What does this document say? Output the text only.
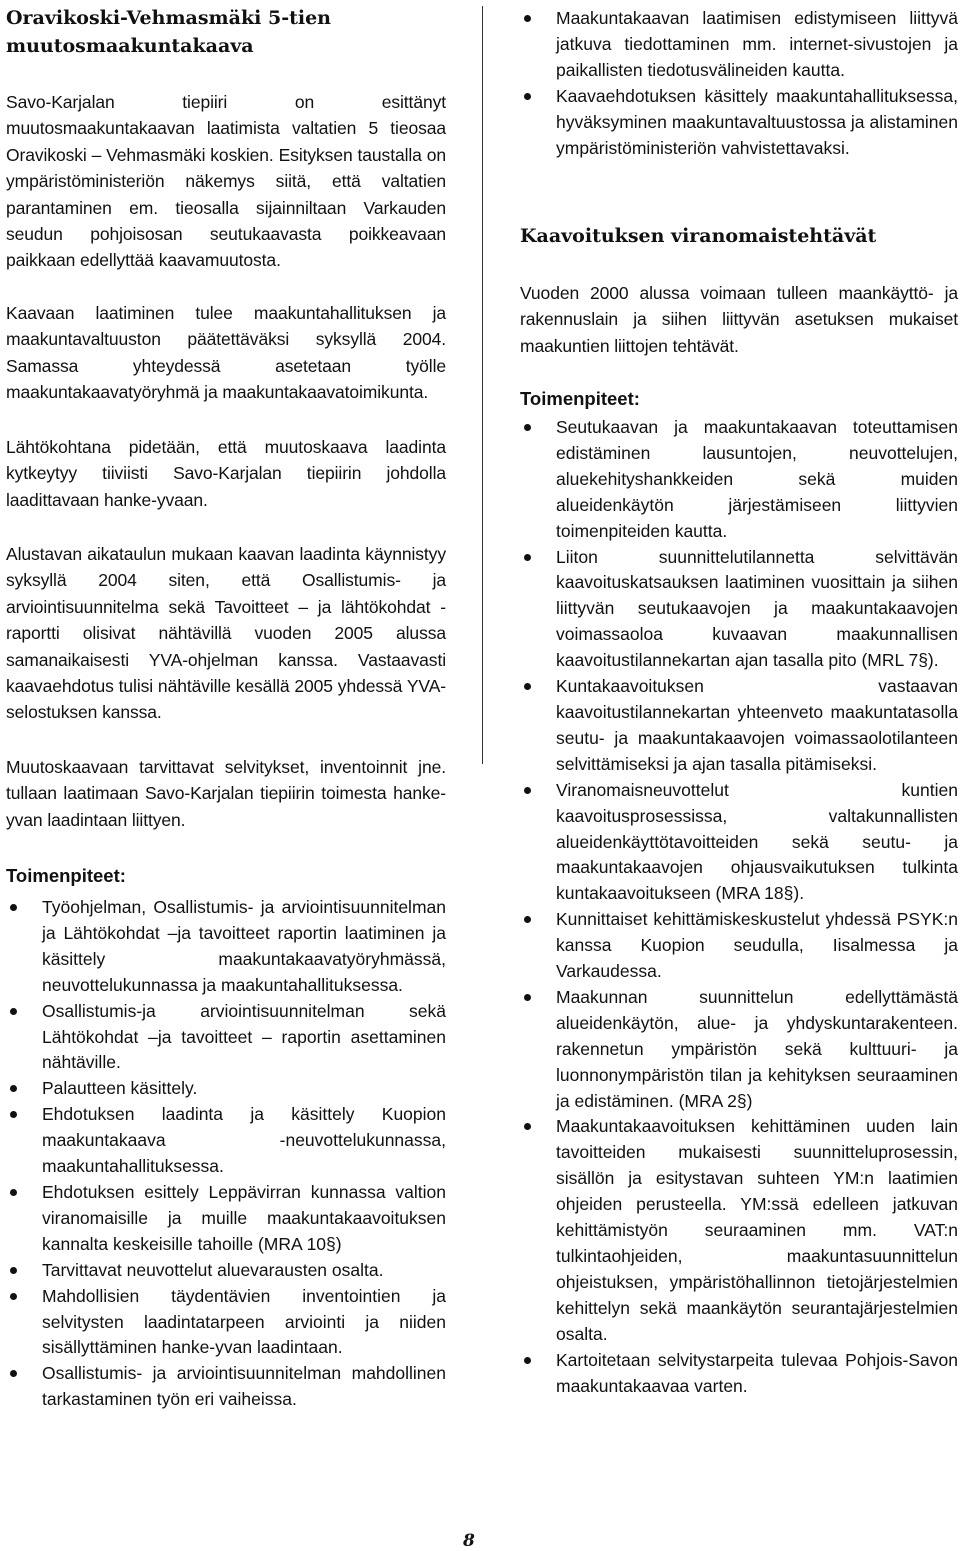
Oravikoski-Vehmasmäki 5-tien muutosmaakuntakaava

Savo-Karjalan tiepiiri on esittänyt muutosmaakuntakaavan laatimista valtatien 5 tieosaa Oravikoski – Vehmasmäki koskien. Esityksen taustalla on ympäristöministeriön näkemys siitä, että valtatien parantaminen em. tieosalla sijainniltaan Varkauden seudun pohjoisosan seutukaavasta poikkeavaan paikkaan edellyttää kaavamuutosta.

Kaavaan laatiminen tulee maakuntahallituksen ja maakuntavaltuuston päätettäväksi syksyllä 2004. Samassa yhteydessä asetetaan työlle maakuntakaavatyöryhmä ja maakuntakaavatoimikunta.

Lähtökohtana pidetään, että muutoskaava laadinta kytkeytyy tiiviisti Savo-Karjalan tiepiirin johdolla laadittavaan hanke-yvaan.

Alustavan aikataulun mukaan kaavan laadinta käynnistyy syksyllä 2004 siten, että Osallistumis- ja arviointisuunnitelma sekä Tavoitteet – ja lähtökohdat -raportti olisivat nähtävillä vuoden 2005 alussa samanaikaisesti YVA-ohjelman kanssa. Vastaavasti kaavaehdotus tulisi nähtäville kesällä 2005 yhdessä YVA-selostuksen kanssa.

Muutoskaavaan tarvittavat selvitykset, inventoinnit jne. tullaan laatimaan Savo-Karjalan tiepiirin toimesta hanke-yvan laadintaan liittyen.

Toimenpiteet:
Työohjelman, Osallistumis- ja arviointisuunnitelman ja Lähtökohdat –ja tavoitteet raportin laatiminen ja käsittely maakuntakaavatyöryhmässä, neuvottelukunnassa ja maakuntahallituksessa.
Osallistumis-ja arviointisuunnitelman sekä Lähtökohdat –ja tavoitteet – raportin asettaminen nähtäville.
Palautteen käsittely.
Ehdotuksen laadinta ja käsittely Kuopion maakuntakaava -neuvottelukunnassa, maakuntahallituksessa.
Ehdotuksen esittely Leppävirran kunnassa valtion viranomaisille ja muille maakuntakaavoituksen kannalta keskeisille tahoille (MRA 10§)
Tarvittavat neuvottelut aluevarausten osalta.
Mahdollisien täydentävien inventointien ja selvitysten laadintatarpeen arviointi ja niiden sisällyttäminen hanke-yvan laadintaan.
Osallistumis- ja arviointisuunnitelman mahdollinen tarkastaminen työn eri vaiheissa.
Maakuntakaavan laatimisen edistymiseen liittyvä jatkuva tiedottaminen mm. internet-sivustojen ja paikallisten tiedotusvälineiden kautta.
Kaavaehdotuksen käsittely maakuntahallituksessa, hyväksyminen maakuntavaltuustossa ja alistaminen ympäristöministeriön vahvistettavaksi.
Kaavoituksen viranomaistehtävät

Vuoden 2000 alussa voimaan tulleen maankäyttö- ja rakennuslain ja siihen liittyvän asetuksen mukaiset maakuntien liittojen tehtävät.

Toimenpiteet:
Seutukaavan ja maakuntakaavan toteuttamisen edistäminen lausuntojen, neuvottelujen, aluekehityshankkeiden sekä muiden alueidenkäytön järjestämiseen liittyvien toimenpiteiden kautta.
Liiton suunnittelutilannetta selvittävän kaavoituskatsauksen laatiminen vuosittain ja siihen liittyvän seutukaavojen ja maakuntakaavojen voimassaoloa kuvaavan maakunnallisen kaavoitustilannekartan ajan tasalla pito (MRL 7§).
Kuntakaavoituksen vastaavan kaavoitustilannekartan yhteenveto maakuntatasolla seutu- ja maakuntakaavojen voimassaolotilanteen selvittämiseksi ja ajan tasalla pitämiseksi.
Viranomaisneuvottelut kuntien kaavoitusprosessissa, valtakunnallisten alueidenkäyttötavoitteiden sekä seutu- ja maakuntakaavojen ohjausvaikutuksen tulkinta kuntakaavoitukseen (MRA 18§).
Kunnittaiset kehittämiskeskustelut yhdessä PSYK:n kanssa Kuopion seudulla, Iisalmessa ja Varkaudessa.
Maakunnan suunnittelun edellyttämästä alueidenkäytön, alue- ja yhdyskuntarakenteen. rakennetun ympäristön sekä kulttuuri- ja luonnonympäristön tilan ja kehityksen seuraaminen ja edistäminen. (MRA 2§)
Maakuntakaavoituksen kehittäminen uuden lain tavoitteiden mukaisesti suunnitteluprosessin, sisällön ja esitystavan suhteen YM:n laatimien ohjeiden perusteella. YM:ssä edelleen jatkuvan kehittämistyön seuraaminen mm. VAT:n tulkintaohjeiden, maakuntasuunnittelun ohjeistuksen, ympäristöhallinnon tietojärjestelmien kehittelyn sekä maankäytön seurantajärjestelmien osalta.
Kartoitetaan selvitystarpeita tulevaa Pohjois-Savon maakuntakaavaa varten.
8
